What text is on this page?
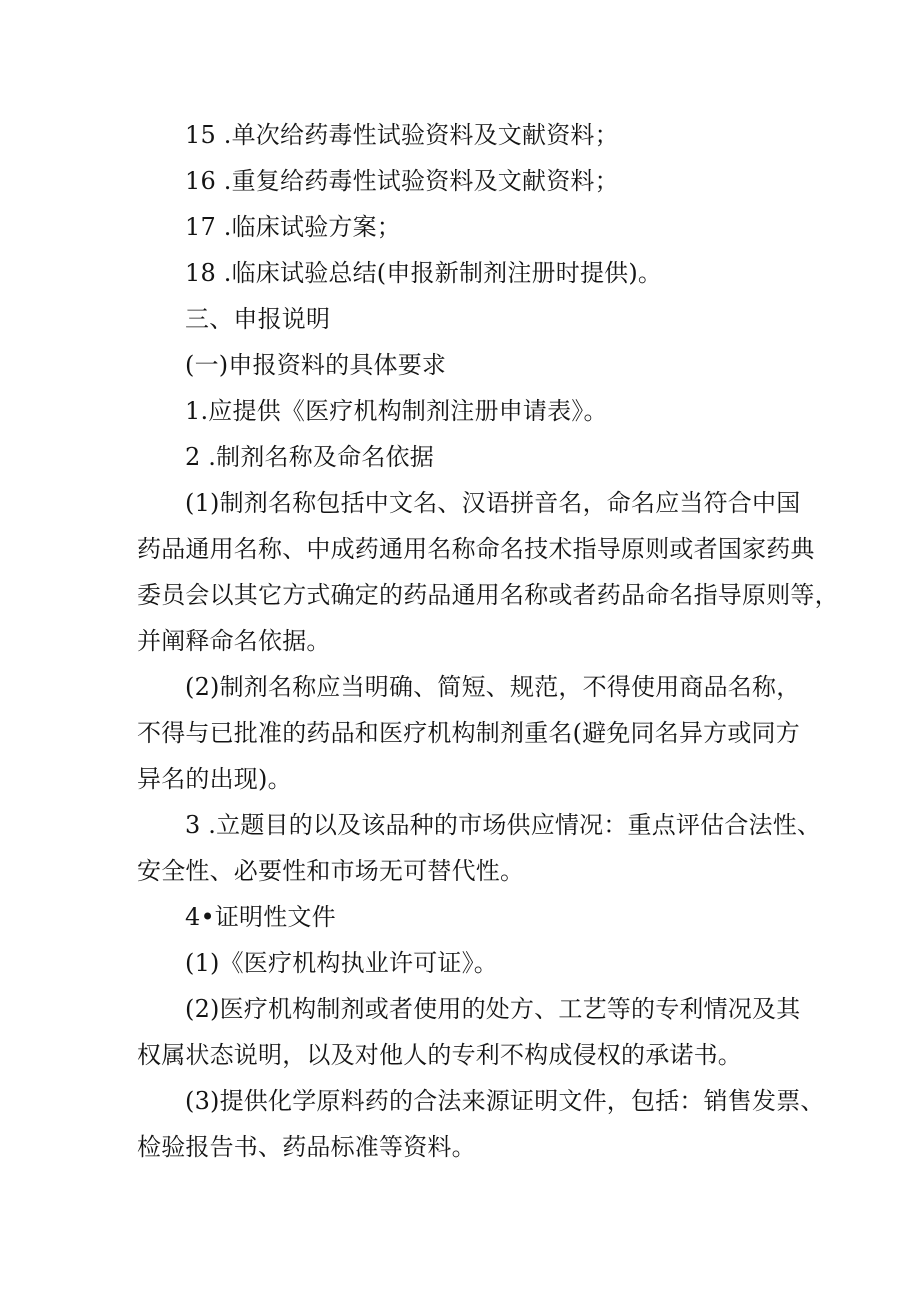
15 .单次给药毒性试验资料及文献资料；
16 .重复给药毒性试验资料及文献资料；
17 .临床试验方案；
18 .临床试验总结(申报新制剂注册时提供)。
三、申报说明
(一)申报资料的具体要求
1.应提供《医疗机构制剂注册申请表》。
2 .制剂名称及命名依据
(1)制剂名称包括中文名、汉语拼音名，命名应当符合中国
药品通用名称、中成药通用名称命名技术指导原则或者国家药典
委员会以其它方式确定的药品通用名称或者药品命名指导原则等，
并阐释命名依据。
(2)制剂名称应当明确、简短、规范，不得使用商品名称，
不得与已批准的药品和医疗机构制剂重名(避免同名异方或同方
异名的出现)。
3 .立题目的以及该品种的市场供应情况：重点评估合法性、
安全性、必要性和市场无可替代性。
4•证明性文件
(1)《医疗机构执业许可证》。
(2)医疗机构制剂或者使用的处方、工艺等的专利情况及其
权属状态说明，以及对他人的专利不构成侵权的承诺书。
(3)提供化学原料药的合法来源证明文件，包括：销售发票、
检验报告书、药品标准等资料。
